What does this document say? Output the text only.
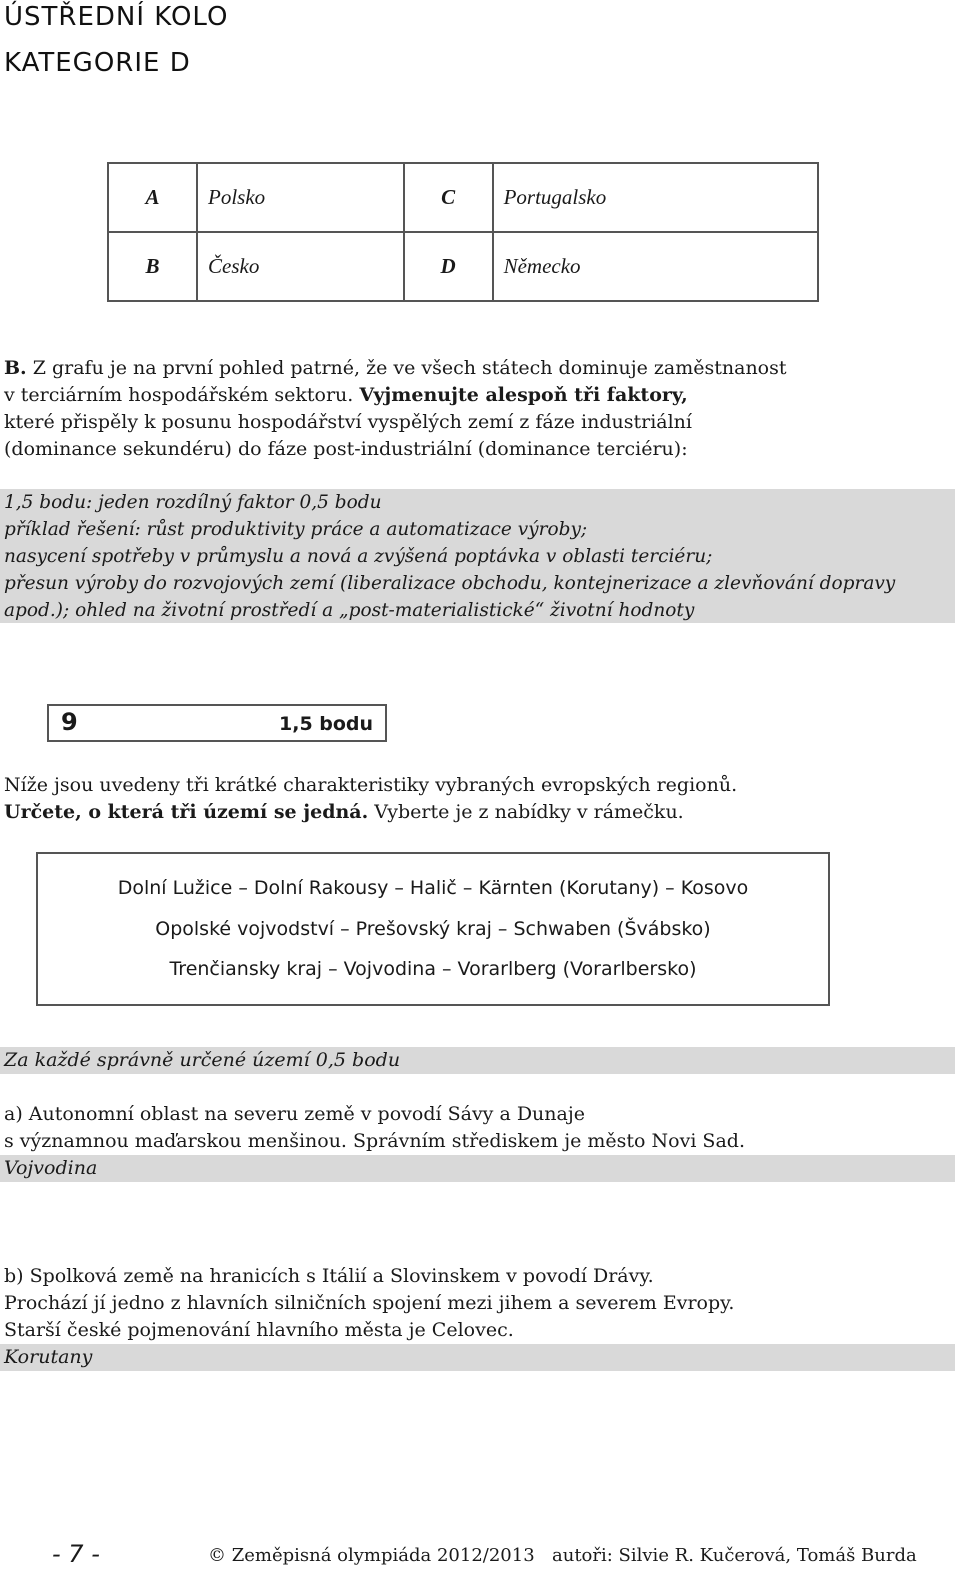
ÚSTŘEDNÍ KOLO
KATEGORIE D
A	Polsko	C	Portugalsko
B	Česko	D	Německo
B. Z grafu je na první pohled patrné, že ve všech státech dominuje zaměstnanost
v terciárním hospodářském sektoru. Vyjmenujte alespoň tři faktory,
které přispěly k posunu hospodářství vyspělých zemí z fáze industriální
(dominance sekundéru) do fáze post-industriální (dominance terciéru):
1,5 bodu: jeden rozdílný faktor 0,5 bodu
příklad řešení: růst produktivity práce a automatizace výroby;
nasycení spotřeby v průmyslu a nová a zvýšená poptávka v oblasti terciéru;
přesun výroby do rozvojových zemí (liberalizace obchodu, kontejnerizace a zlevňování dopravy
apod.); ohled na životní prostředí a „post-materialistické“ životní hodnoty
9	1,5 bodu
Níže jsou uvedeny tři krátké charakteristiky vybraných evropských regionů.
Určete, o která tři území se jedná. Vyberte je z nabídky v rámečku.
Dolní Lužice – Dolní Rakousy – Halič – Kärnten (Korutany) – Kosovo
Opolské vojvodství – Prešovský kraj – Schwaben (Švábsko)
Trenčiansky kraj – Vojvodina – Vorarlberg (Vorarlbersko)
Za každé správně určené území 0,5 bodu
a) Autonomní oblast na severu země v povodí Sávy a Dunaje
s významnou maďarskou menšinou. Správním střediskem je město Novi Sad.
Vojvodina
b) Spolková země na hranicích s Itálií a Slovinskem v povodí Drávy.
Prochází jí jedno z hlavních silničních spojení mezi jihem a severem Evropy.
Starší české pojmenování hlavního města je Celovec.
Korutany
- 7 -	© Zeměpisná olympiáda 2012/2013 autoři: Silvie R. Kučerová, Tomáš Burda
